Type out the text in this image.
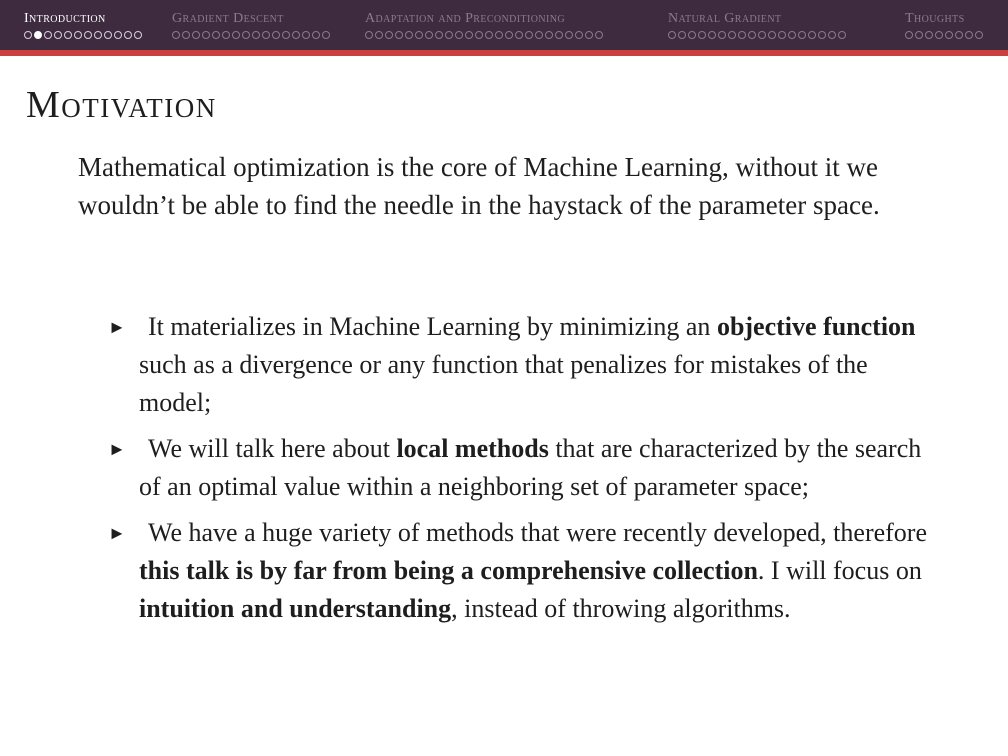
Introduction	Gradient Descent	Adaptation and Preconditioning	Natural Gradient	Thoughts
Motivation

Mathematical optimization is the core of Machine Learning, without it we wouldn’t be able to find the needle in the haystack of the parameter space.

► It materializes in Machine Learning by minimizing an objective function such as a divergence or any function that penalizes for mistakes of the model;
► We will talk here about local methods that are characterized by the search of an optimal value within a neighboring set of parameter space;
► We have a huge variety of methods that were recently developed, therefore this talk is by far from being a comprehensive collection. I will focus on intuition and understanding, instead of throwing algorithms.
